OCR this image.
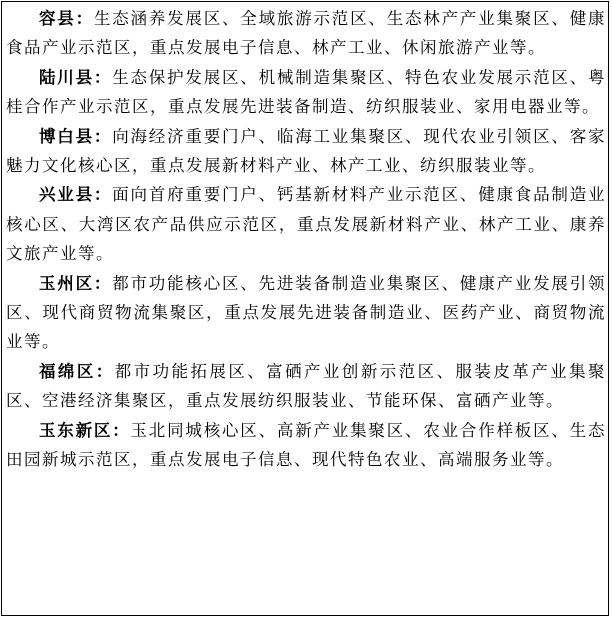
容县：生态涵养发展区、全域旅游示范区、生态林产产业集聚区、健康食品产业示范区，重点发展电子信息、林产工业、休闲旅游产业等。

陆川县：生态保护发展区、机械制造集聚区、特色农业发展示范区、粤桂合作产业示范区，重点发展先进装备制造、纺织服装业、家用电器业等。

博白县：向海经济重要门户、临海工业集聚区、现代农业引领区、客家魅力文化核心区，重点发展新材料产业、林产工业、纺织服装业等。

兴业县：面向首府重要门户、钙基新材料产业示范区、健康食品制造业核心区、大湾区农产品供应示范区，重点发展新材料产业、林产工业、康养文旅产业等。

玉州区：都市功能核心区、先进装备制造业集聚区、健康产业发展引领区、现代商贸物流集聚区，重点发展先进装备制造业、医药产业、商贸物流业等。

福绵区：都市功能拓展区、富硒产业创新示范区、服装皮革产业集聚区、空港经济集聚区，重点发展纺织服装业、节能环保、富硒产业等。

玉东新区：玉北同城核心区、高新产业集聚区、农业合作样板区、生态田园新城示范区，重点发展电子信息、现代特色农业、高端服务业等。
